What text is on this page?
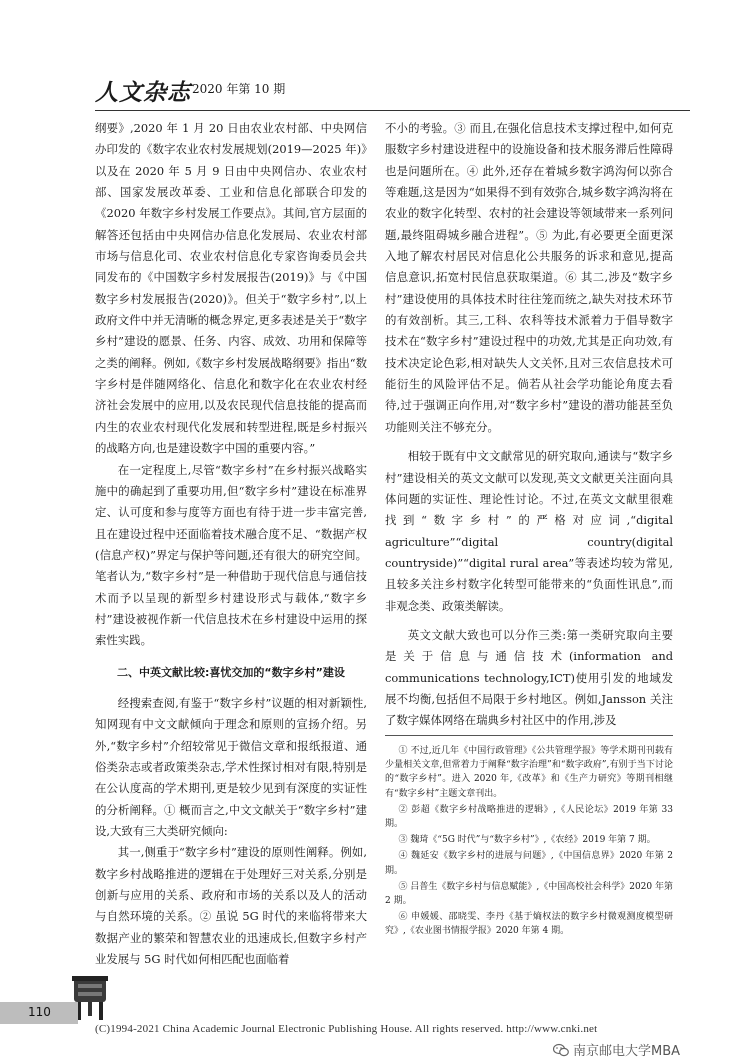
人文杂志 2020 年第 10 期

纲要》,2020 年 1 月 20 日由农业农村部、中央网信办印发的《数字农业农村发展规划(2019—2025 年)》以及在 2020 年 5 月 9 日由中央网信办、农业农村部、国家发展改革委、工业和信息化部联合印发的《2020 年数字乡村发展工作要点》。其间,官方层面的解答还包括由中央网信办信息化发展局、农业农村部市场与信息化司、农业农村信息化专家咨询委员会共同发布的《中国数字乡村发展报告(2019)》与《中国数字乡村发展报告(2020)》。但关于“数字乡村”,以上政府文件中并无清晰的概念界定,更多表述是关于“数字乡村”建设的愿景、任务、内容、成效、功用和保障等之类的阐释。例如,《数字乡村发展战略纲要》指出“数字乡村是伴随网络化、信息化和数字化在农业农村经济社会发展中的应用,以及农民现代信息技能的提高而内生的农业农村现代化发展和转型进程,既是乡村振兴的战略方向,也是建设数字中国的重要内容。”

在一定程度上,尽管“数字乡村”在乡村振兴战略实施中的确起到了重要功用,但“数字乡村”建设在标准界定、认可度和参与度等方面也有待于进一步丰富完善,且在建设过程中还面临着技术融合度不足、“数据产权(信息产权)”界定与保护等问题,还有很大的研究空间。笔者认为,“数字乡村”是一种借助于现代信息与通信技术而予以呈现的新型乡村建设形式与载体,“数字乡村”建设被视作新一代信息技术在乡村建设中运用的探索性实践。

二、中英文献比较:喜忧交加的“数字乡村”建设

经搜索查阅,有鉴于“数字乡村”议题的相对新颖性,知网现有中文文献倾向于理念和原则的宣扬介绍。另外,“数字乡村”介绍较常见于微信文章和报纸报道、通俗类杂志或者政策类杂志,学术性探讨相对有限,特别是在公认度高的学术期刊,更是较少见到有深度的实证性的分析阐释。① 概而言之,中文文献关于“数字乡村”建设,大致有三大类研究倾向:

其一,侧重于“数字乡村”建设的原则性阐释。例如,数字乡村战略推进的逻辑在于处理好三对关系,分别是创新与应用的关系、政府和市场的关系以及人的活动与自然环境的关系。② 虽说 5G 时代的来临将带来大数据产业的繁荣和智慧农业的迅速成长,但数字乡村产业发展与 5G 时代如何相匹配也面临着

不小的考验。③ 而且,在强化信息技术支撑过程中,如何克服数字乡村建设进程中的设施设备和技术服务滞后性障碍也是问题所在。④ 此外,还存在着城乡数字鸿沟何以弥合等难题,这是因为“如果得不到有效弥合,城乡数字鸿沟将在农业的数字化转型、农村的社会建设等领域带来一系列问题,最终阻碍城乡融合进程”。⑤ 为此,有必要更全面更深入地了解农村居民对信息化公共服务的诉求和意见,提高信息意识,拓宽村民信息获取渠道。⑥ 其二,涉及“数字乡村”建设使用的具体技术时往往笼而统之,缺失对技术环节的有效剖析。其三,工科、农科等技术派着力于倡导数字技术在“数字乡村”建设过程中的功效,尤其是正向功效,有技术决定论色彩,相对缺失人文关怀,且对三农信息技术可能衍生的风险评估不足。倘若从社会学功能论角度去看待,过于强调正向作用,对“数字乡村”建设的潜功能甚至负功能则关注不够充分。

相较于既有中文文献常见的研究取向,通读与“数字乡村”建设相关的英文文献可以发现,英文文献更关注面向具体问题的实证性、理论性讨论。不过,在英文文献里很难找到“数字乡村”的严格对应词,“digital agriculture”“digital country(digital countryside)”“digital rural area”等表述均较为常见,且较多关注乡村数字化转型可能带来的“负面性讯息”,而非观念类、政策类解读。

英文文献大致也可以分作三类:第一类研究取向主要是关于信息与通信技术(information and communications technology,ICT)使用引发的地域发展不均衡,包括但不局限于乡村地区。例如,Jansson 关注了数字媒体网络在瑞典乡村社区中的作用,涉及

① 不过,近几年《中国行政管理》《公共管理学报》等学术期刊刊载有少量相关文章,但常着力于阐释“数字治理”和“数字政府”,有别于当下讨论的“数字乡村”。进入 2020 年,《改革》和《生产力研究》等期刊相继有“数字乡村”主题文章刊出。

② 彭超《数字乡村战略推进的逻辑》,《人民论坛》2019 年第 33 期。

③ 魏琦《“5G 时代”与“数字乡村”》,《农经》2019 年第 7 期。

④ 魏延安《数字乡村的进展与问题》,《中国信息界》2020 年第 2 期。

⑤ 吕普生《数字乡村与信息赋能》,《中国高校社会科学》2020 年第 2 期。

⑥ 申媛媛、邵晓雯、李丹《基于熵权法的数字乡村微观测度模型研究》,《农业图书情报学报》2020 年第 4 期。

110
(C)1994-2021 China Academic Journal Electronic Publishing House. All rights reserved. http://www.cnki.net
南京邮电大学MBA
